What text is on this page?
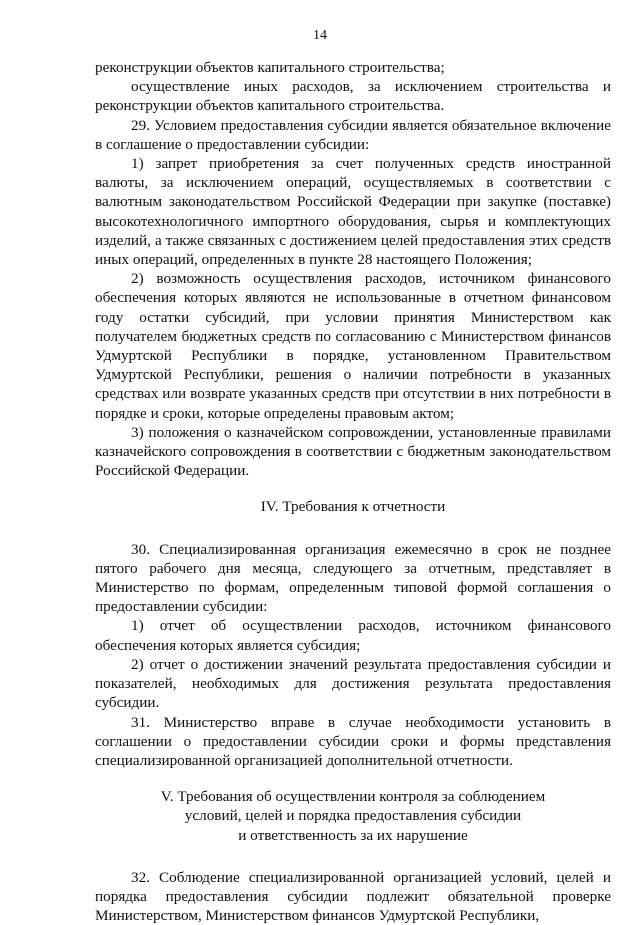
14

реконструкции объектов капитального строительства;

осуществление иных расходов, за исключением строительства и реконструкции объектов капитального строительства.

29. Условием предоставления субсидии является обязательное включение в соглашение о предоставлении субсидии:

1) запрет приобретения за счет полученных средств иностранной валюты, за исключением операций, осуществляемых в соответствии с валютным законодательством Российской Федерации при закупке (поставке) высокотехнологичного импортного оборудования, сырья и комплектующих изделий, а также связанных с достижением целей предоставления этих средств иных операций, определенных в пункте 28 настоящего Положения;

2) возможность осуществления расходов, источником финансового обеспечения которых являются не использованные в отчетном финансовом году остатки субсидий, при условии принятия Министерством как получателем бюджетных средств по согласованию с Министерством финансов Удмуртской Республики в порядке, установленном Правительством Удмуртской Республики, решения о наличии потребности в указанных средствах или возврате указанных средств при отсутствии в них потребности в порядке и сроки, которые определены правовым актом;

3) положения о казначейском сопровождении, установленные правилами казначейского сопровождения в соответствии с бюджетным законодательством Российской Федерации.

IV. Требования к отчетности

30. Специализированная организация ежемесячно в срок не позднее пятого рабочего дня месяца, следующего за отчетным, представляет в Министерство по формам, определенным типовой формой соглашения о предоставлении субсидии:

1) отчет об осуществлении расходов, источником финансового обеспечения которых является субсидия;

2) отчет о достижении значений результата предоставления субсидии и показателей, необходимых для достижения результата предоставления субсидии.

31. Министерство вправе в случае необходимости установить в соглашении о предоставлении субсидии сроки и формы представления специализированной организацией дополнительной отчетности.

V. Требования об осуществлении контроля за соблюдением

условий, целей и порядка предоставления субсидии

и ответственность за их нарушение

32. Соблюдение специализированной организацией условий, целей и порядка предоставления субсидии подлежит обязательной проверке Министерством, Министерством финансов Удмуртской Республики,
